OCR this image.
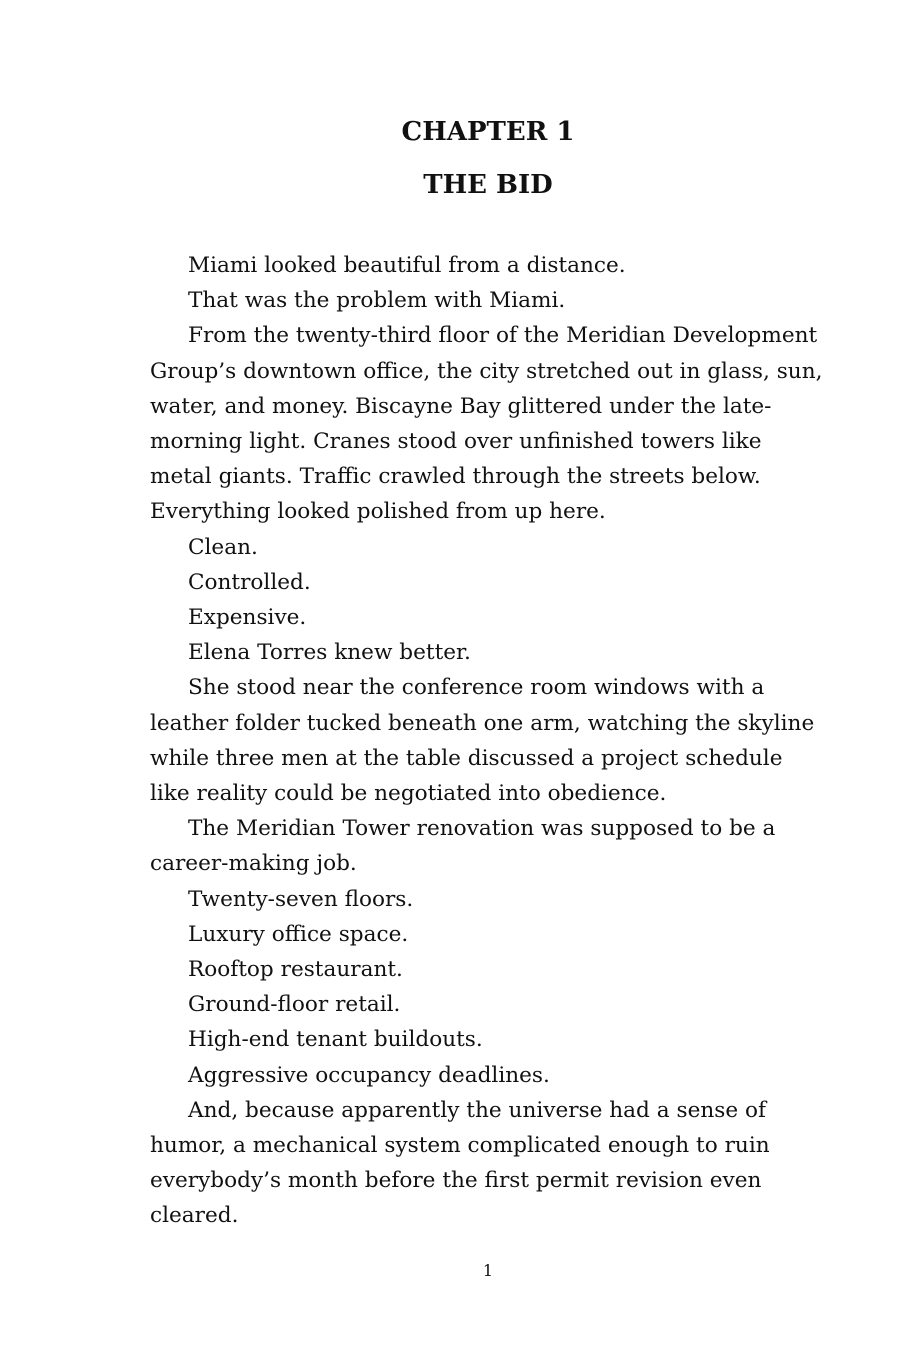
CHAPTER 1
THE BID

Miami looked beautiful from a distance.

That was the problem with Miami.

From the twenty-third floor of the Meridian Development Group’s downtown office, the city stretched out in glass, sun, water, and money. Biscayne Bay glittered under the late-morning light. Cranes stood over unfinished towers like metal giants. Traffic crawled through the streets below. Everything looked polished from up here.

Clean.

Controlled.

Expensive.

Elena Torres knew better.

She stood near the conference room windows with a leather folder tucked beneath one arm, watching the skyline while three men at the table discussed a project schedule like reality could be negotiated into obedience.

The Meridian Tower renovation was supposed to be a career-making job.

Twenty-seven floors.

Luxury office space.

Rooftop restaurant.

Ground-floor retail.

High-end tenant buildouts.

Aggressive occupancy deadlines.

And, because apparently the universe had a sense of humor, a mechanical system complicated enough to ruin everybody’s month before the first permit revision even cleared.

1
